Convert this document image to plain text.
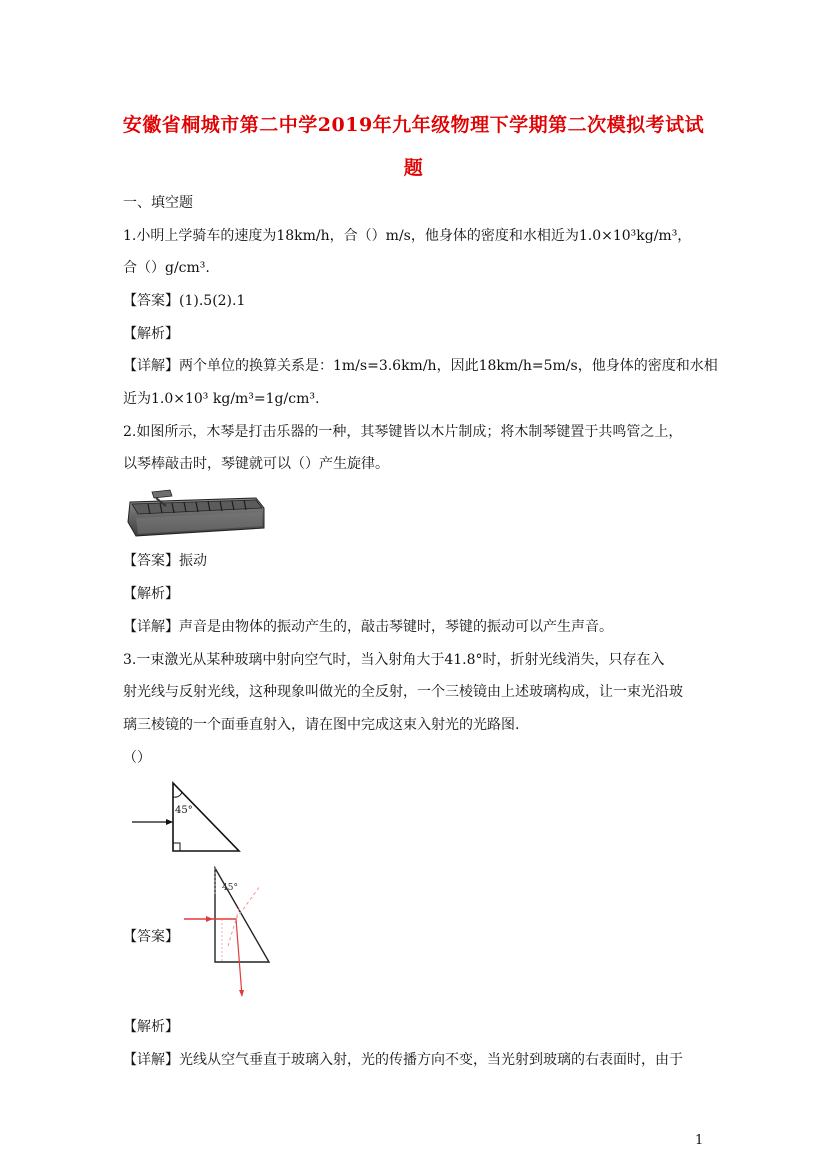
安徽省桐城市第二中学2019年九年级物理下学期第二次模拟考试试
题
一、填空题
1.小明上学骑车的速度为18km/h，合（）m/s，他身体的密度和水相近为1.0×10³kg/m³，
合（）g/cm³.
【答案】(1).5(2).1
【解析】
【详解】两个单位的换算关系是：1m/s=3.6km/h，因此18km/h=5m/s，他身体的密度和水相
近为1.0×10³ kg/m³=1g/cm³.
2.如图所示，木琴是打击乐器的一种，其琴键皆以木片制成；将木制琴键置于共鸣管之上，
以琴棒敲击时，琴键就可以（）产生旋律。
【答案】振动
【解析】
【详解】声音是由物体的振动产生的，敲击琴键时，琴键的振动可以产生声音。
3.一束激光从某种玻璃中射向空气时，当入射角大于41.8°时，折射光线消失，只存在入
射光线与反射光线，这种现象叫做光的全反射，一个三棱镜由上述玻璃构成，让一束光沿玻
璃三棱镜的一个面垂直射入，请在图中完成这束入射光的光路图.
（）
45°
45°
【答案】
【解析】
【详解】光线从空气垂直于玻璃入射，光的传播方向不变，当光射到玻璃的右表面时，由于
1
